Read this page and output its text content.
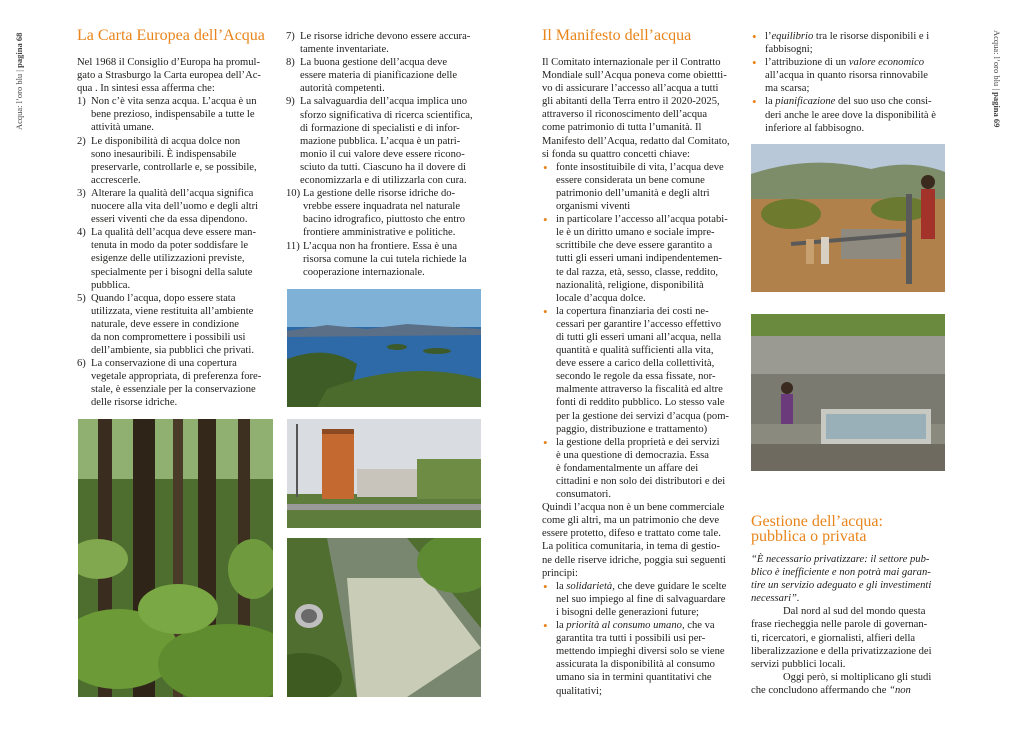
Acqua: l’oro blu | pagina 68	La Carta Europea dell’Acqua

Nel 1968 il Consiglio d’Europa ha promul-
gato a Strasburgo la Carta europea dell’Ac-
qua . In sintesi essa afferma che:

1) Non c’è vita senza acqua. L’acqua è un
bene prezioso, indispensabile a tutte le
attività umane.
2) Le disponibilità di acqua dolce non
sono inesauribili. È indispensabile
preservarle, controllarle e, se possibile,
accrescerle.
3) Alterare la qualità dell’acqua significa
nuocere alla vita dell’uomo e degli altri
esseri viventi che da essa dipendono.
4) La qualità dell’acqua deve essere man-
tenuta in modo da poter soddisfare le
esigenze delle utilizzazioni previste,
specialmente per i bisogni della salute
pubblica.
5) Quando l’acqua, dopo essere stata
utilizzata, viene restituita all’ambiente
naturale, deve essere in condizione
da non compromettere i possibili usi
dell’ambiente, sia pubblici che privati.
6) La conservazione di una copertura
vegetale appropriata, di preferenza fore-
stale, è essenziale per la conservazione
delle risorse idriche.
7) Le risorse idriche devono essere accura-
tamente inventariate.
8) La buona gestione dell’acqua deve
essere materia di pianificazione delle
autorità competenti.
9) La salvaguardia dell’acqua implica uno
sforzo significativa di ricerca scientifica,
di formazione di specialisti e di infor-
mazione pubblica. L’acqua è un patri-
monio il cui valore deve essere ricono-
sciuto da tutti. Ciascuno ha il dovere di
economizzarla e di utilizzarla con cura.
10) La gestione delle risorse idriche do-
vrebbe essere inquadrata nel naturale
bacino idrografico, piuttosto che entro
frontiere amministrative e politiche.
11) L’acqua non ha frontiere. Essa è una
risorsa comune la cui tutela richiede la
cooperazione internazionale.
Acqua: l’oro blu | pagina 69
Il Manifesto dell’acqua

Il Comitato internazionale per il Contratto
Mondiale sull’Acqua poneva come obiettti-
vo di assicurare l’accesso all’acqua a tutti
gli abitanti della Terra entro il 2020-2025,
attraverso il riconoscimento dell’acqua
come patrimonio di tutta l’umanità. Il
Manifesto dell’Acqua, redatto dal Comitato,
si fonda su quattro concetti chiave:

• fonte insostituibile di vita, l’acqua deve
essere considerata un bene comune
patrimonio dell’umanità e degli altri
organismi viventi
• in particolare l’accesso all’acqua potabi-
le è un diritto umano e sociale impre-
scrittibile che deve essere garantito a
tutti gli esseri umani indipendentemen-
te dal razza, età, sesso, classe, reddito,
nazionalità, religione, disponibilità
locale d’acqua dolce.
• la copertura finanziaria dei costi ne-
cessari per garantire l’accesso effettivo
di tutti gli esseri umani all’acqua, nella
quantità e qualità sufficienti alla vita,
deve essere a carico della collettività,
secondo le regole da essa fissate, nor-
malmente attraverso la fiscalità ed altre
fonti di reddito pubblico. Lo stesso vale
per la gestione dei servizi d’acqua (pom-
paggio, distribuzione e trattamento)
• la gestione della proprietà e dei servizi
è una questione di democrazia. Essa
è fondamentalmente un affare dei
cittadini e non solo dei distributori e dei
consumatori.

Quindi l’acqua non è un bene commerciale
come gli altri, ma un patrimonio che deve
essere protetto, difeso e trattato come tale.
La politica comunitaria, in tema di gestio-
ne delle riserve idriche, poggia sui seguenti
principi:

• la solidarietà, che deve guidare le scelte
nel suo impiego al fine di salvaguardare
i bisogni delle generazioni future;
• la priorità al consumo umano, che va
garantita tra tutti i possibili usi per-
mettendo impieghi diversi solo se viene
assicurata la disponibilità al consumo
umano sia in termini quantitativi che
qualitativi;
• l’equilibrio tra le risorse disponibili e i
fabbisogni;
• l’attribuzione di un valore economico
all’acqua in quanto risorsa rinnovabile
ma scarsa;
• la pianificazione del suo uso che consi-
deri anche le aree dove la disponibilità è
inferiore al fabbisogno.
Gestione dell’acqua:
pubblica o privata

“È necessario privatizzare: il settore pub-
blico è inefficiente e non potrà mai garan-
tire un servizio adeguato e gli investimenti
necessari”.

Dal nord al sud del mondo questa
frase riecheggia nelle parole di governan-
ti, ricercatori, e giornalisti, alfieri della
liberalizzazione e della privatizzazione dei
servizi pubblici locali.

Oggi però, si moltiplicano gli studi
che concludono affermando che “non
